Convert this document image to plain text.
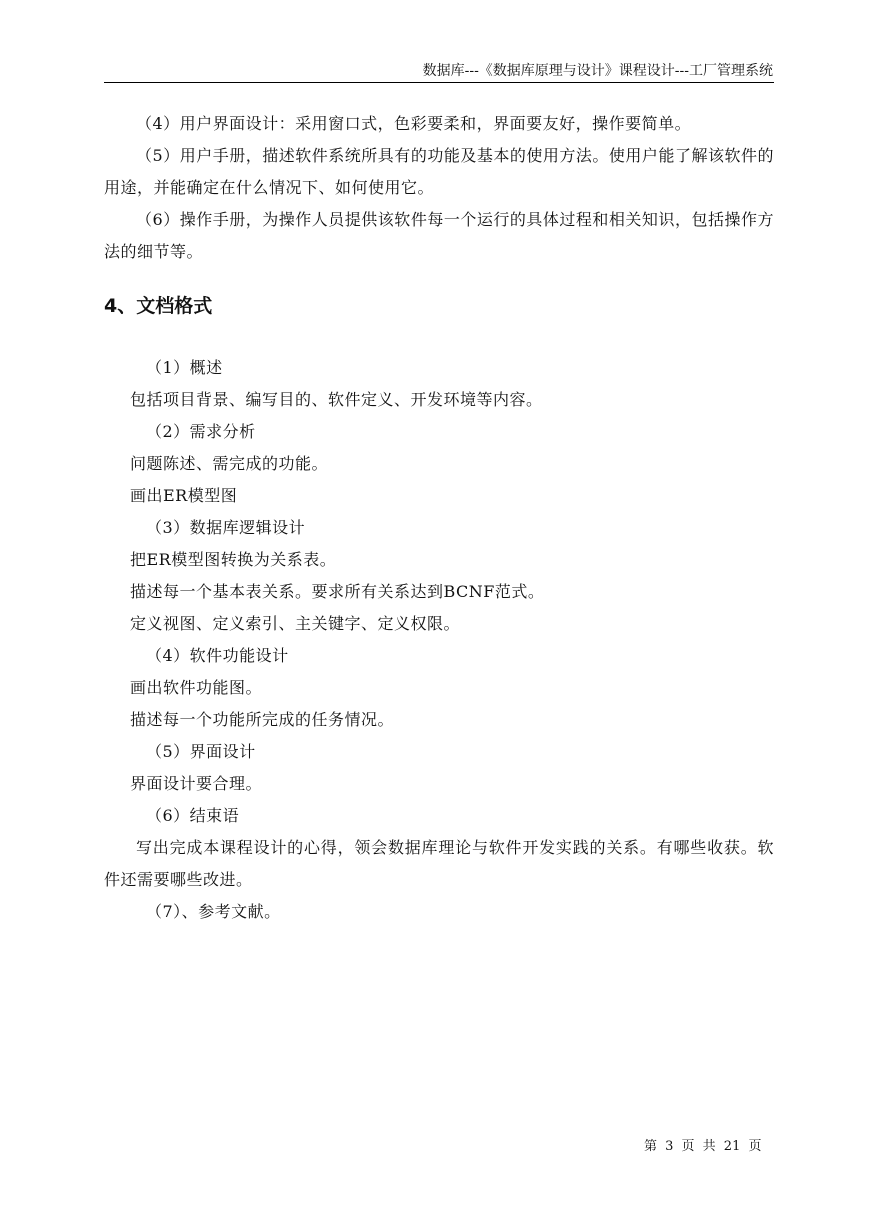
数据库---《数据库原理与设计》课程设计---工厂管理系统

（4）用户界面设计：采用窗口式，色彩要柔和，界面要友好，操作要简单。

（5）用户手册，描述软件系统所具有的功能及基本的使用方法。使用户能了解该软件的用途，并能确定在什么情况下、如何使用它。

（6）操作手册，为操作人员提供该软件每一个运行的具体过程和相关知识，包括操作方法的细节等。

4、文档格式

（1）概述

包括项目背景、编写目的、软件定义、开发环境等内容。

（2）需求分析

问题陈述、需完成的功能。

画出ER模型图

（3）数据库逻辑设计

把ER模型图转换为关系表。

描述每一个基本表关系。要求所有关系达到BCNF范式。

定义视图、定义索引、主关键字、定义权限。

（4）软件功能设计

画出软件功能图。

描述每一个功能所完成的任务情况。

（5）界面设计

界面设计要合理。

（6）结束语

写出完成本课程设计的心得，领会数据库理论与软件开发实践的关系。有哪些收获。软件还需要哪些改进。

（7）、参考文献。

第 3 页 共 21 页
